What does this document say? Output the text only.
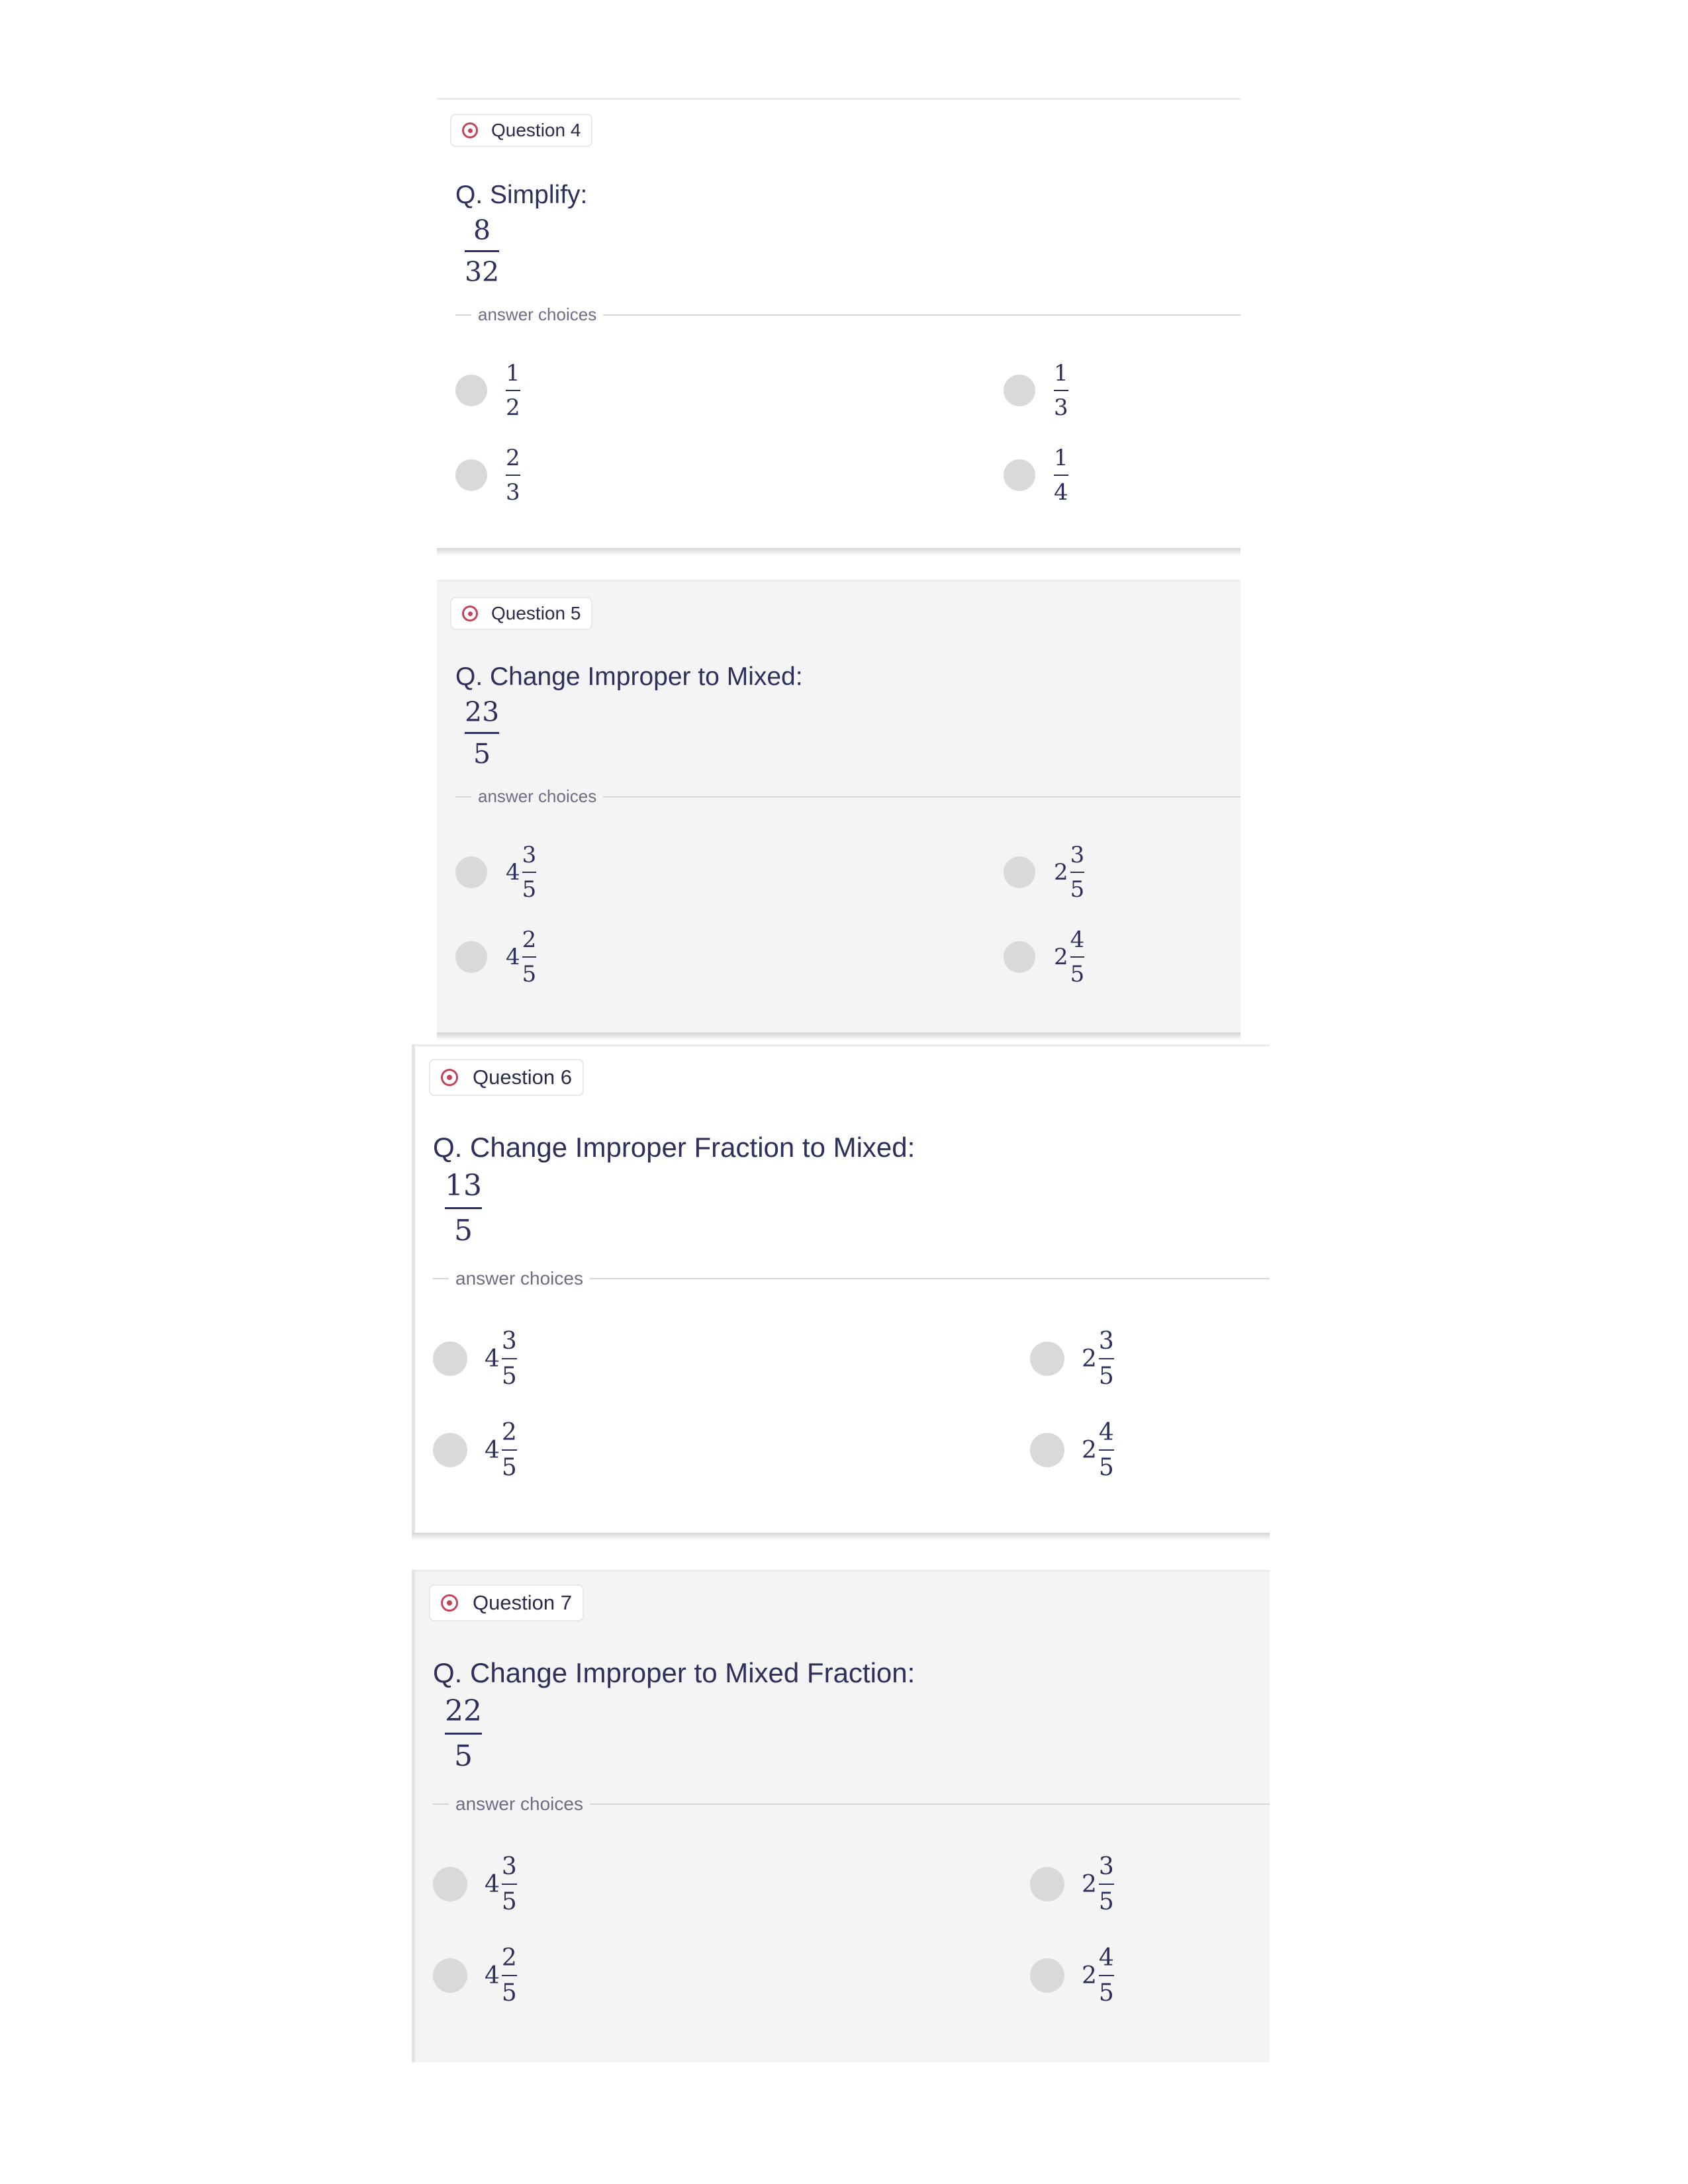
Question 4
Q. Simplify:
8
32
answer choices
$\frac{1}{2}$	$\frac{1}{3}$
$\frac{2}{3}$	$\frac{1}{4}$
Question 5
Q. Change Improper to Mixed:
23
5
answer choices
$4 \frac{3}{5}$	$2 \frac{3}{5}$
$4 \frac{2}{5}$	$2 \frac{4}{5}$
Question 6
Q. Change Improper Fraction to Mixed:
13
5
answer choices
$4 \frac{3}{5}$	$2 \frac{3}{5}$
$4 \frac{2}{5}$	$2 \frac{4}{5}$
Question 7
Q. Change Improper to Mixed Fraction:
22
5
answer choices
$4 \frac{3}{5}$	$2 \frac{3}{5}$
$4 \frac{2}{5}$	$2 \frac{4}{5}$
